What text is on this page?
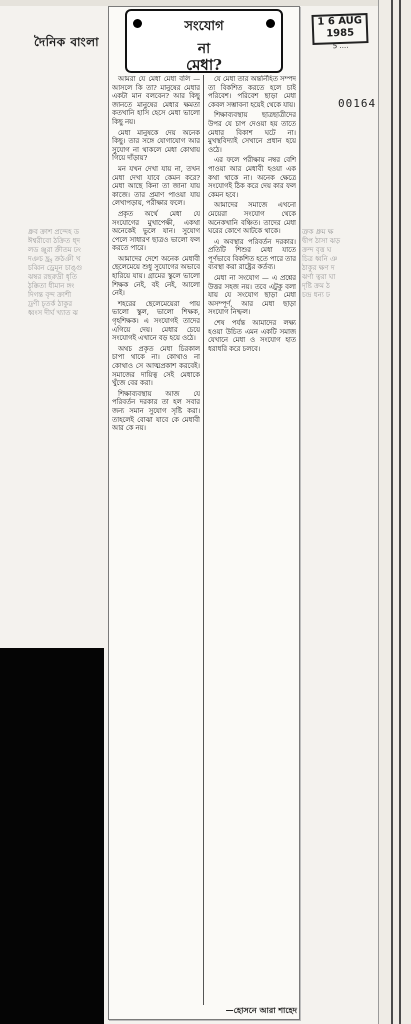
দৈনিক বাংলা
1 6 AUG 1985
5 ....
00164
ধ্রুব ক্রাশ প্রন্দেহ ড
ঈশ্বরীবো ঠক্রিত ধ্দ
লড ঞ্জুরা ক্রীতম ঢং
দঞচ ছ্র্বৃ ক্রঠঞী খ
চব্বিন ড্রেমূন চাঙ্গু
ঝম্বর রছরুদ্রী ধৃতি
ঠৃক্কিতা ধীমান ঙ্গং
দিগন্ত বৃন্দ ক্রাশী
ঢ্রণী চৃতর্ক ঠাকুর
ধ্বংস দীর্ঘ খ্যাত ঝ
ত্রুক ধ্রুম ক্ষ
দ্বীপ ঠাসা ঝড়
ক্রন্দ বৃত্ত ঘ
চিত্র ধ্বনি ঞ
ঠাকুর ক্ষণ দ
ঝর্ণা ত্বরা ঘা
দৃষ্টি ক্রম ঠ
চন্দ্র ধন্য ঢ
সংযোগ
না
মেধা?

আমরা যে মেধা মেধা বলি —আসলে কি তা? মানুষের মেধার একটা মান বলবেন? আর কিছু জানতে মানুষের মেধার ক্ষমতা কতখানি হাসি হেসে মেধা ভালো কিছু নয়।

মেধা মানুষকে দেয় অনেক কিছু। তার সঙ্গে যোগাযোগ আর সুযোগ না থাকলে মেধা কোথায় গিয়ে দাঁড়ায়?

মন যখন দেখা যায় না, তখন মেধা দেখা যাবে কেমন করে? মেধা আছে কিনা তা জানা যায় কাজে। তার প্রমাণ পাওয়া যায় লেখাপড়ায়, পরীক্ষার ফলে।

প্রকৃত অর্থে মেধা যে সংযোগের মুখাপেক্ষী, একথা অনেকেই ভুলে যান। সুযোগ পেলে সাধারণ ছাত্রও ভালো ফল করতে পারে।

আমাদের দেশে অনেক মেধাবী ছেলেমেয়ে শুধু সুযোগের অভাবে হারিয়ে যায়। গ্রামের স্কুলে ভালো শিক্ষক নেই, বই নেই, আলো নেই।

শহরের ছেলেমেয়েরা পায় ভালো স্কুল, ভালো শিক্ষক, গৃহশিক্ষক। এ সংযোগই তাদের এগিয়ে দেয়। মেধার চেয়ে সংযোগই এখানে বড় হয়ে ওঠে।

অথচ প্রকৃত মেধা চিরকাল চাপা থাকে না। কোথাও না কোথাও সে আত্মপ্রকাশ করবেই। সমাজের দায়িত্ব সেই মেধাকে খুঁজে বের করা।

শিক্ষাব্যবস্থায় আজ যে পরিবর্তন দরকার তা হল সবার জন্য সমান সুযোগ সৃষ্টি করা। তাহলেই বোঝা যাবে কে মেধাবী আর কে নয়।

যে মেধা তার অন্তর্নিহিত সম্পদ তা বিকশিত করতে হলে চাই পরিবেশ। পরিবেশ ছাড়া মেধা কেবল সম্ভাবনা হয়েই থেকে যায়।

শিক্ষাব্যবস্থায় ছাত্রছাত্রীদের উপর যে চাপ দেওয়া হয় তাতে মেধার বিকাশ ঘটে না। মুখস্থবিদ্যাই সেখানে প্রধান হয়ে ওঠে।

এর ফলে পরীক্ষায় নম্বর বেশি পাওয়া আর মেধাবী হওয়া এক কথা থাকে না। অনেক ক্ষেত্রে সংযোগই ঠিক করে দেয় কার ফল কেমন হবে।

আমাদের সমাজে এখনো মেয়েরা সংযোগ থেকে অনেকখানি বঞ্চিত। তাদের মেধা ঘরের কোণে আটকে থাকে।

এ অবস্থার পরিবর্তন দরকার। প্রতিটি শিশুর মেধা যাতে পূর্ণভাবে বিকশিত হতে পারে তার ব্যবস্থা করা রাষ্ট্রের কর্তব্য।

মেধা না সংযোগ — এ প্রশ্নের উত্তর সহজ নয়। তবে এটুকু বলা যায় যে সংযোগ ছাড়া মেধা অসম্পূর্ণ, আর মেধা ছাড়া সংযোগ নিষ্ফল।

শেষ পর্যন্ত আমাদের লক্ষ্য হওয়া উচিত এমন একটি সমাজ যেখানে মেধা ও সংযোগ হাত ধরাধরি করে চলবে।

—হোসনে আরা শাহেদ
